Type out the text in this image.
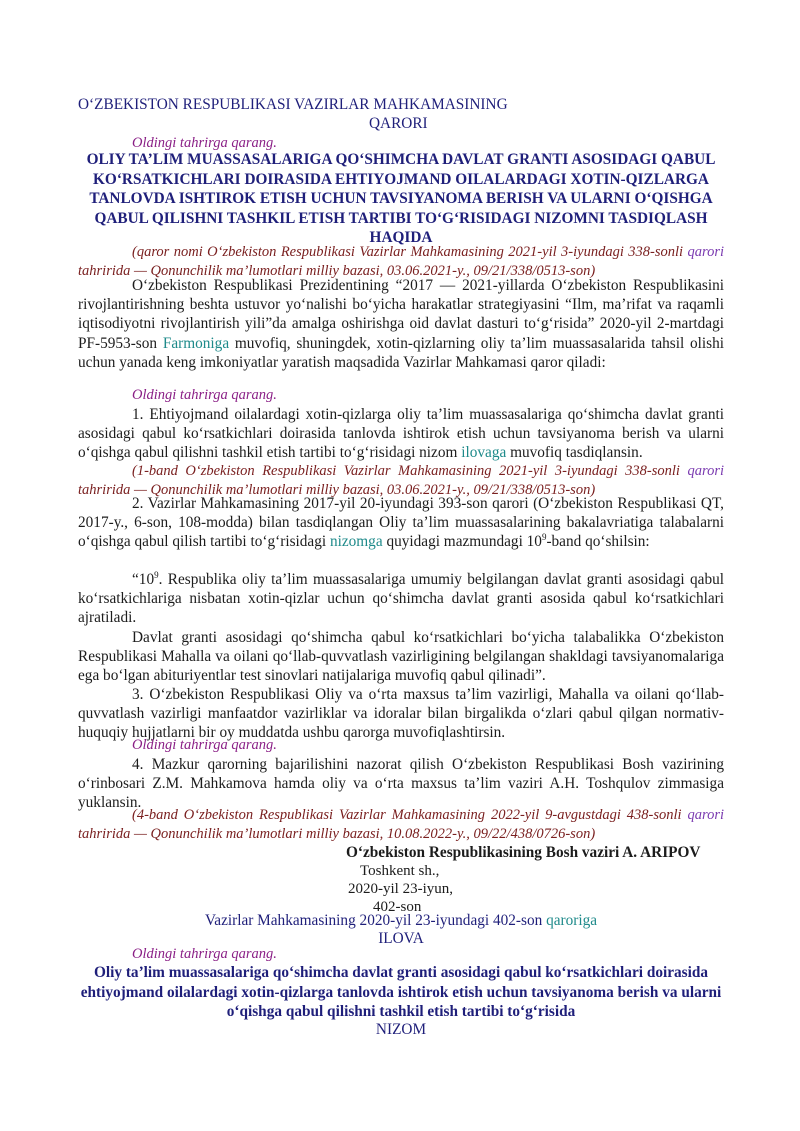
O‘ZBEKISTON RESPUBLIKASI VAZIRLAR MAHKAMASINING
QARORI
Oldingi tahrirga qarang.
OLIY TA’LIM MUASSASALARIGA QO‘SHIMCHA DAVLAT GRANTI ASOSIDAGI QABUL KO‘RSATKICHLARI DOIRASIDA EHTIYOJMAND OILALARDAGI XOTIN-QIZLARGA TANLOVDA ISHTIROK ETISH UCHUN TAVSIYANOMA BERISH VA ULARNI O‘QISHGA QABUL QILISHNI TASHKIL ETISH TARTIBI TO‘G‘RISIDAGI NIZOMNI TASDIQLASH HAQIDA
(qaror nomi O‘zbekiston Respublikasi Vazirlar Mahkamasining 2021-yil 3-iyundagi 338-sonli qarori tahririda — Qonunchilik ma’lumotlari milliy bazasi, 03.06.2021-y., 09/21/338/0513-son)
O‘zbekiston Respublikasi Prezidentining “2017 — 2021-yillarda O‘zbekiston Respublikasini rivojlantirishning beshta ustuvor yo‘nalishi bo‘yicha harakatlar strategiyasini “Ilm, ma’rifat va raqamli iqtisodiyotni rivojlantirish yili”da amalga oshirishga oid davlat dasturi to‘g‘risida” 2020-yil 2-martdagi PF-5953-son Farmoniga muvofiq, shuningdek, xotin-qizlarning oliy ta’lim muassasalarida tahsil olishi uchun yanada keng imkoniyatlar yaratish maqsadida Vazirlar Mahkamasi qaror qiladi:
Oldingi tahrirga qarang.
1. Ehtiyojmand oilalardagi xotin-qizlarga oliy ta’lim muassasalariga qo‘shimcha davlat granti asosidagi qabul ko‘rsatkichlari doirasida tanlovda ishtirok etish uchun tavsiyanoma berish va ularni o‘qishga qabul qilishni tashkil etish tartibi to‘g‘risidagi nizom ilovaga muvofiq tasdiqlansin.
(1-band O‘zbekiston Respublikasi Vazirlar Mahkamasining 2021-yil 3-iyundagi 338-sonli qarori tahririda — Qonunchilik ma’lumotlari milliy bazasi, 03.06.2021-y., 09/21/338/0513-son)
2. Vazirlar Mahkamasining 2017-yil 20-iyundagi 393-son qarori (O‘zbekiston Respublikasi QT, 2017-y., 6-son, 108-modda) bilan tasdiqlangan Oliy ta’lim muassasalarining bakalavriatiga talabalarni o‘qishga qabul qilish tartibi to‘g‘risidagi nizomga quyidagi mazmundagi $10^9$-band qo‘shilsin:
“$10^9$. Respublika oliy ta’lim muassasalariga umumiy belgilangan davlat granti asosidagi qabul ko‘rsatkichlariga nisbatan xotin-qizlar uchun qo‘shimcha davlat granti asosida qabul ko‘rsatkichlari ajratiladi.
Davlat granti asosidagi qo‘shimcha qabul ko‘rsatkichlari bo‘yicha talabalikka O‘zbekiston Respublikasi Mahalla va oilani qo‘llab-quvvatlash vazirligining belgilangan shakldagi tavsiyanomalariga ega bo‘lgan abituriyentlar test sinovlari natijalariga muvofiq qabul qilinadi”.
3. O‘zbekiston Respublikasi Oliy va o‘rta maxsus ta’lim vazirligi, Mahalla va oilani qo‘llab-quvvatlash vazirligi manfaatdor vazirliklar va idoralar bilan birgalikda o‘zlari qabul qilgan normativ-huquqiy hujjatlarni bir oy muddatda ushbu qarorga muvofiqlashtirsin.
Oldingi tahrirga qarang.
4. Mazkur qarorning bajarilishini nazorat qilish O‘zbekiston Respublikasi Bosh vazirining o‘rinbosari Z.M. Mahkamova hamda oliy va o‘rta maxsus ta’lim vaziri A.H. Toshqulov zimmasiga yuklansin.
(4-band O‘zbekiston Respublikasi Vazirlar Mahkamasining 2022-yil 9-avgustdagi 438-sonli qarori tahririda — Qonunchilik ma’lumotlari milliy bazasi, 10.08.2022-y., 09/22/438/0726-son)
O‘zbekiston Respublikasining Bosh vaziri A. ARIPOV
Toshkent sh.,
2020-yil 23-iyun,
402-son
Vazirlar Mahkamasining 2020-yil 23-iyundagi 402-son qaroriga
ILOVA
Oldingi tahrirga qarang.
Oliy ta’lim muassasalariga qo‘shimcha davlat granti asosidagi qabul ko‘rsatkichlari doirasida ehtiyojmand oilalardagi xotin-qizlarga tanlovda ishtirok etish uchun tavsiyanoma berish va ularni o‘qishga qabul qilishni tashkil etish tartibi to‘g‘risida
NIZOM
